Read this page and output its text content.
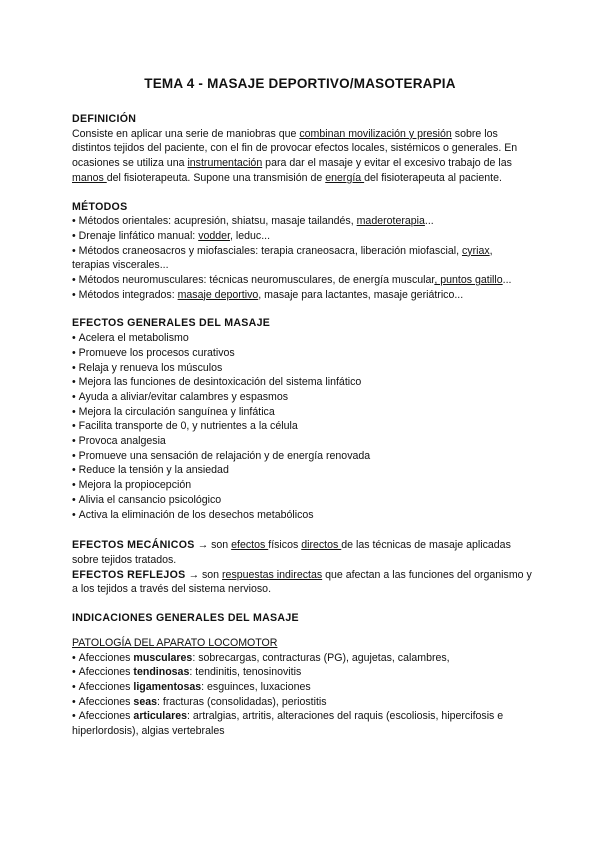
TEMA 4 - MASAJE DEPORTIVO/MASOTERAPIA
DEFINICIÓN

Consiste en aplicar una serie de maniobras que combinan movilización y presión sobre los distintos tejidos del paciente, con el fin de provocar efectos locales, sistémicos o generales. En ocasiones se utiliza una instrumentación para dar el masaje y evitar el excesivo trabajo de las manos del fisioterapeuta. Supone una transmisión de energía del fisioterapeuta al paciente.

MÉTODOS
• Métodos orientales: acupresión, shiatsu, masaje tailandés, maderoterapia...
• Drenaje linfático manual: vodder, leduc...
• Métodos craneosacros y miofasciales: terapia craneosacra, liberación miofascial, cyriax, terapias viscerales...
• Métodos neuromusculares: técnicas neuromusculares, de energía muscular, puntos gatillo...
• Métodos integrados: masaje deportivo, masaje para lactantes, masaje geriátrico...
EFECTOS GENERALES DEL MASAJE
• Acelera el metabolismo
• Promueve los procesos curativos
• Relaja y renueva los músculos
• Mejora las funciones de desintoxicación del sistema linfático
• Ayuda a aliviar/evitar calambres y espasmos
• Mejora la circulación sanguínea y linfática
• Facilita transporte de 0, y nutrientes a la célula
• Provoca analgesia
• Promueve una sensación de relajación y de energía renovada
• Reduce la tensión y la ansiedad
• Mejora la propiocepción
• Alivia el cansancio psicológico
• Activa la eliminación de los desechos metabólicos

EFECTOS MECÁNICOS → son efectos físicos directos de las técnicas de masaje aplicadas sobre tejidos tratados.

EFECTOS REFLEJOS → son respuestas indirectas que afectan a las funciones del organismo y a los tejidos a través del sistema nervioso.

INDICACIONES GENERALES DEL MASAJE
PATOLOGÍA DEL APARATO LOCOMOTOR
• Afecciones musculares: sobrecargas, contracturas (PG), agujetas, calambres,
• Afecciones tendinosas: tendinitis, tenosinovitis
• Afecciones ligamentosas: esguinces, luxaciones
• Afecciones seas: fracturas (consolidadas), periostitis
• Afecciones articulares: artralgias, artritis, alteraciones del raquis (escoliosis, hipercifosis e hiperlordosis), algias vertebrales
